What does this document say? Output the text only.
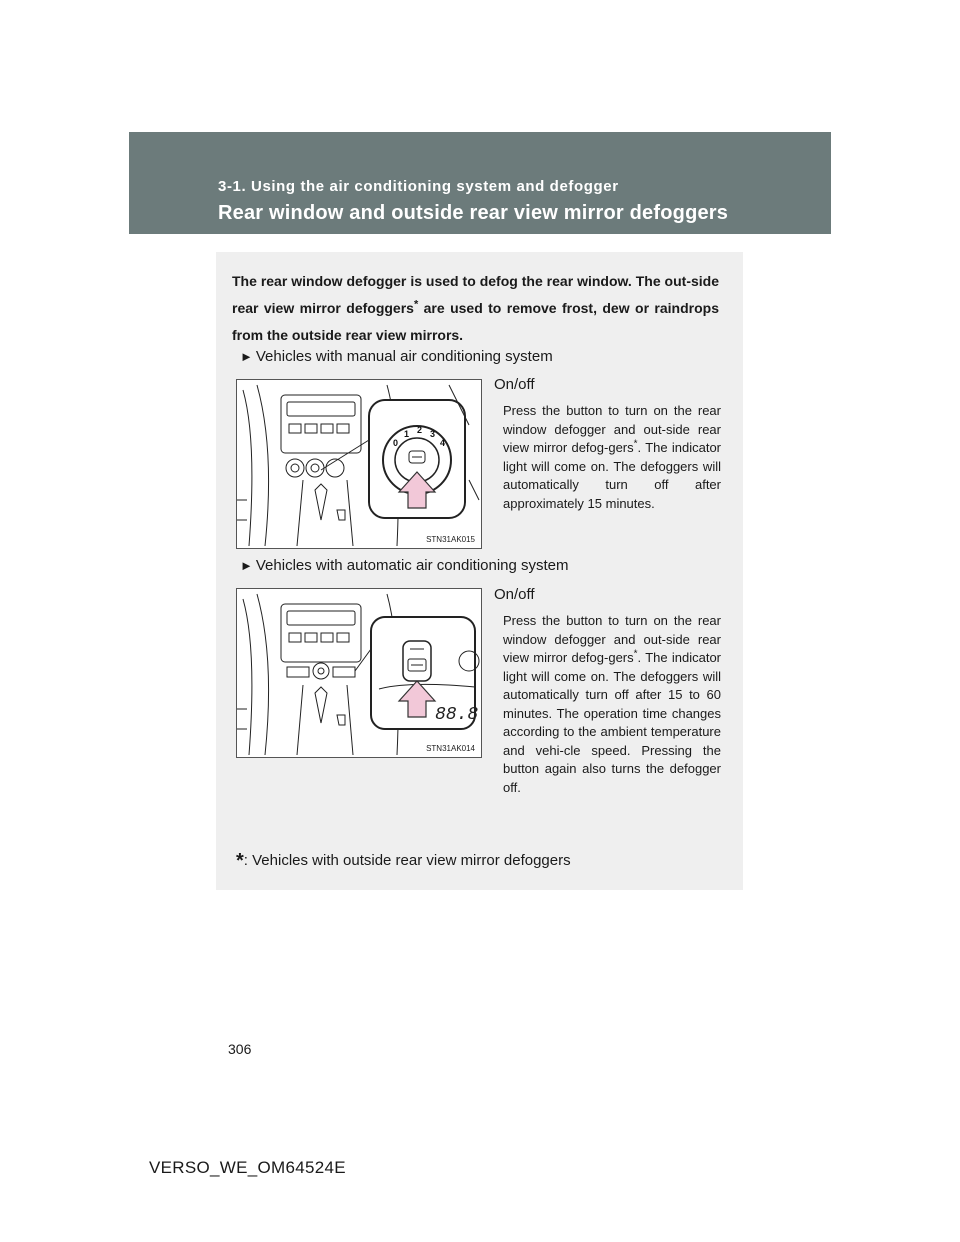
3-1. Using the air conditioning system and defogger
Rear window and outside rear view mirror defoggers

The rear window defogger is used to defog the rear window. The out-side rear view mirror defoggers* are used to remove frost, dew or raindrops from the outside rear view mirrors.

► Vehicles with manual air conditioning system
0
1 2 3
4
STN31AK015
On/off

Press the button to turn on the rear window defogger and out-side rear view mirror defog-gers*. The indicator light will come on. The defoggers will automatically turn off after approximately 15 minutes.

► Vehicles with automatic air conditioning system
88.8
STN31AK014
On/off

Press the button to turn on the rear window defogger and out-side rear view mirror defog-gers*. The indicator light will come on. The defoggers will automatically turn off after 15 to 60 minutes. The operation time changes according to the ambient temperature and vehi-cle speed. Pressing the button again also turns the defogger off.

*: Vehicles with outside rear view mirror defoggers
306
VERSO_WE_OM64524E
